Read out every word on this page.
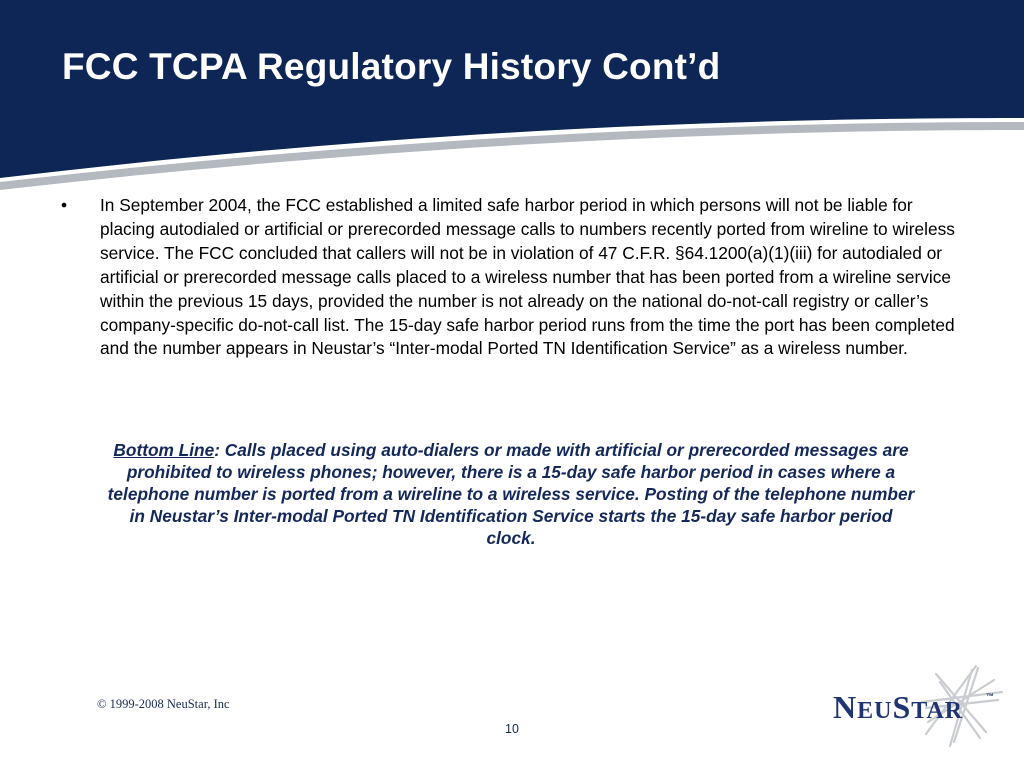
FCC TCPA Regulatory History Cont’d
•	In September 2004, the FCC established a limited safe harbor period in which persons will not be liable for placing autodialed or artificial or prerecorded message calls to numbers recently ported from wireline to wireless service. The FCC concluded that callers will not be in violation of 47 C.F.R. §64.1200(a)(1)(iii) for autodialed or artificial or prerecorded message calls placed to a wireless number that has been ported from a wireline service within the previous 15 days, provided the number is not already on the national do-not-call registry or caller’s company-specific do-not-call list. The 15-day safe harbor period runs from the time the port has been completed and the number appears in Neustar’s “Inter-modal Ported TN Identification Service” as a wireless number.
Bottom Line: Calls placed using auto-dialers or made with artificial or prerecorded messages are prohibited to wireless phones; however, there is a 15-day safe harbor period in cases where a telephone number is ported from a wireline to a wireless service. Posting of the telephone number in Neustar’s Inter-modal Ported TN Identification Service starts the 15-day safe harbor period clock.
© 1999-2008 NeuStar, Inc
10
NEUSTAR
™
